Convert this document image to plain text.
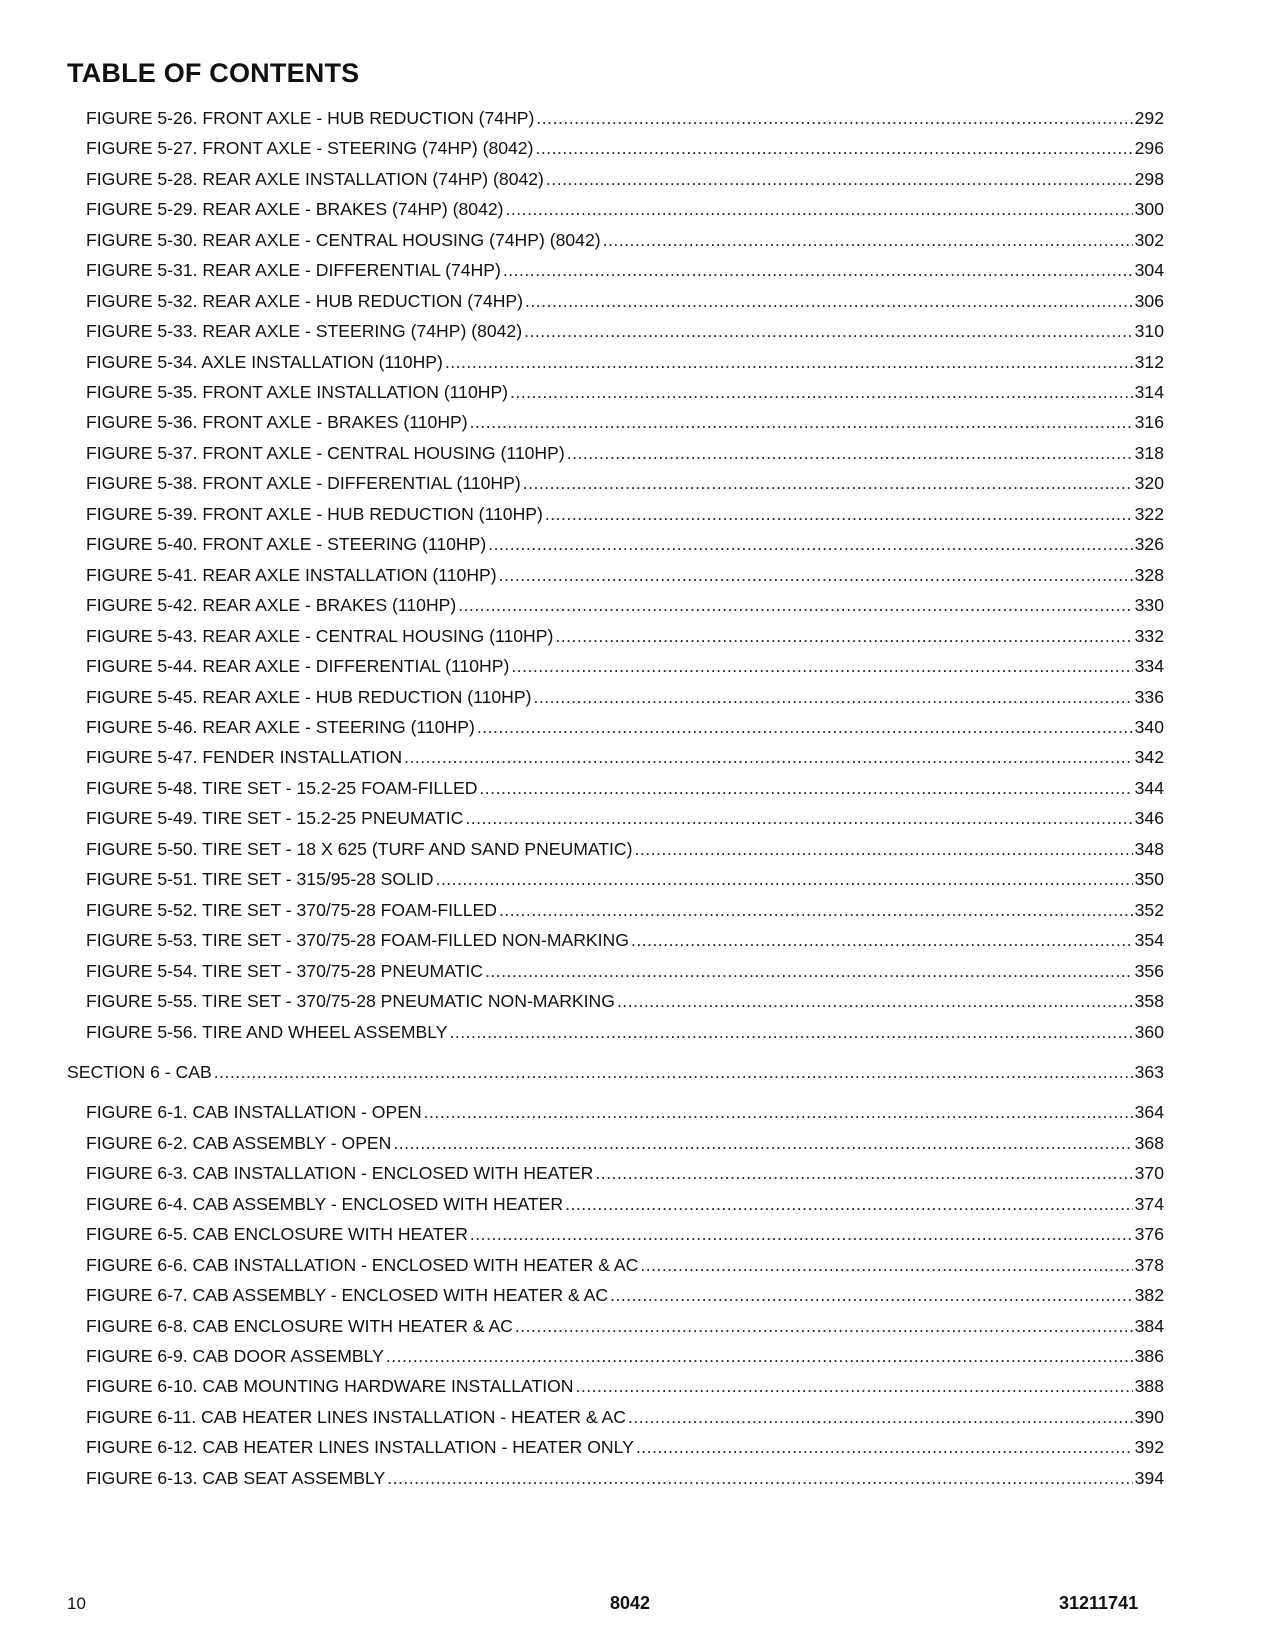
TABLE OF CONTENTS
FIGURE 5-26. FRONT AXLE - HUB REDUCTION (74HP) .....	292
FIGURE 5-27. FRONT AXLE - STEERING (74HP) (8042) .....	296
FIGURE 5-28. REAR AXLE INSTALLATION (74HP) (8042) .....	298
FIGURE 5-29. REAR AXLE - BRAKES (74HP) (8042) .....	300
FIGURE 5-30. REAR AXLE - CENTRAL HOUSING (74HP) (8042) .....	302
FIGURE 5-31. REAR AXLE - DIFFERENTIAL (74HP) .....	304
FIGURE 5-32. REAR AXLE - HUB REDUCTION (74HP) .....	306
FIGURE 5-33. REAR AXLE - STEERING (74HP) (8042) .....	310
FIGURE 5-34. AXLE INSTALLATION (110HP) .....	312
FIGURE 5-35. FRONT AXLE INSTALLATION (110HP) .....	314
FIGURE 5-36. FRONT AXLE - BRAKES (110HP) .....	316
FIGURE 5-37. FRONT AXLE - CENTRAL HOUSING (110HP) .....	318
FIGURE 5-38. FRONT AXLE - DIFFERENTIAL (110HP) .....	320
FIGURE 5-39. FRONT AXLE - HUB REDUCTION (110HP) .....	322
FIGURE 5-40. FRONT AXLE - STEERING (110HP) .....	326
FIGURE 5-41. REAR AXLE INSTALLATION (110HP) .....	328
FIGURE 5-42. REAR AXLE - BRAKES (110HP) .....	330
FIGURE 5-43. REAR AXLE - CENTRAL HOUSING (110HP) .....	332
FIGURE 5-44. REAR AXLE - DIFFERENTIAL (110HP) .....	334
FIGURE 5-45. REAR AXLE - HUB REDUCTION (110HP) .....	336
FIGURE 5-46. REAR AXLE - STEERING (110HP) .....	340
FIGURE 5-47. FENDER INSTALLATION .....	342
FIGURE 5-48. TIRE SET - 15.2-25 FOAM-FILLED .....	344
FIGURE 5-49. TIRE SET - 15.2-25 PNEUMATIC .....	346
FIGURE 5-50. TIRE SET - 18 X 625 (TURF AND SAND PNEUMATIC) .....	348
FIGURE 5-51. TIRE SET - 315/95-28 SOLID .....	350
FIGURE 5-52. TIRE SET - 370/75-28 FOAM-FILLED .....	352
FIGURE 5-53. TIRE SET - 370/75-28 FOAM-FILLED NON-MARKING .....	354
FIGURE 5-54. TIRE SET - 370/75-28 PNEUMATIC .....	356
FIGURE 5-55. TIRE SET - 370/75-28 PNEUMATIC NON-MARKING .....	358
FIGURE 5-56. TIRE AND WHEEL ASSEMBLY .....	360
SECTION 6 - CAB .....	363
FIGURE 6-1. CAB INSTALLATION - OPEN .....	364
FIGURE 6-2. CAB ASSEMBLY - OPEN .....	368
FIGURE 6-3. CAB INSTALLATION - ENCLOSED WITH HEATER .....	370
FIGURE 6-4. CAB ASSEMBLY - ENCLOSED WITH HEATER .....	374
FIGURE 6-5. CAB ENCLOSURE WITH HEATER .....	376
FIGURE 6-6. CAB INSTALLATION - ENCLOSED WITH HEATER & AC .....	378
FIGURE 6-7. CAB ASSEMBLY - ENCLOSED WITH HEATER & AC .....	382
FIGURE 6-8. CAB ENCLOSURE WITH HEATER & AC .....	384
FIGURE 6-9. CAB DOOR ASSEMBLY .....	386
FIGURE 6-10. CAB MOUNTING HARDWARE INSTALLATION .....	388
FIGURE 6-11. CAB HEATER LINES INSTALLATION - HEATER & AC .....	390
FIGURE 6-12. CAB HEATER LINES INSTALLATION - HEATER ONLY .....	392
FIGURE 6-13. CAB SEAT ASSEMBLY .....	394
10	8042	31211741
